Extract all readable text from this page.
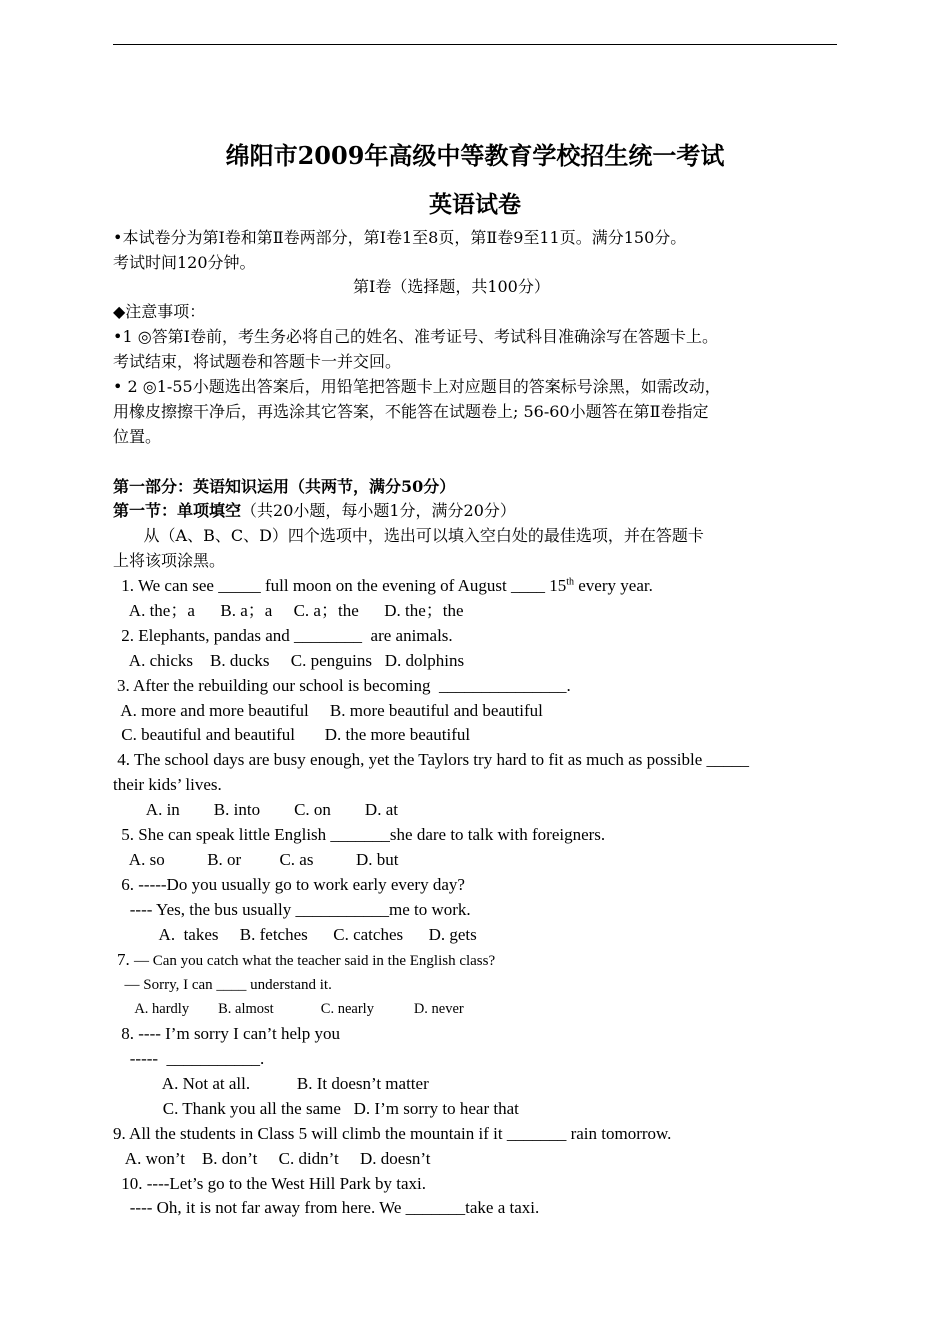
绵阳市2009年高级中等教育学校招生统一考试
英语试卷
•本试卷分为第Ⅰ卷和第Ⅱ卷两部分，第Ⅰ卷1至8页，第Ⅱ卷9至11页。满分150分。
考试时间120分钟。
第Ⅰ卷（选择题，共100分）
◆注意事项：
•1 ◎答第Ⅰ卷前，考生务必将自己的姓名、准考证号、考试科目准确涂写在答题卡上。
考试结束，将试题卷和答题卡一并交回。
• 2 ◎1-55小题选出答案后，用铅笔把答题卡上对应题目的答案标号涂黑，如需改动，
用橡皮擦擦干净后，再选涂其它答案，不能答在试题卷上; 56-60小题答在第Ⅱ卷指定
位置。
第一部分：英语知识运用（共两节，满分50分）
第一节：单项填空（共20小题，每小题1分，满分20分）
从（A、B、C、D）四个选项中，选出可以填入空白处的最佳选项，并在答题卡
上将该项涂黑。
1. We can see _____ full moon on the evening of August ____ 15th every year.
A. the；a      B. a；a     C. a；the      D. the；the
2. Elephants, pandas and ________  are animals.
A. chicks    B. ducks     C. penguins   D. dolphins
3. After the rebuilding our school is becoming  _______________.
A. more and more beautiful     B. more beautiful and beautiful
C. beautiful and beautiful       D. the more beautiful
4. The school days are busy enough, yet the Taylors try hard to fit as much as possible _____
their kids’ lives.
A. in        B. into        C. on        D. at
5. She can speak little English _______she dare to talk with foreigners.
A. so          B. or         C. as          D. but
6. -----Do you usually go to work early every day?
---- Yes, the bus usually ___________me to work.
A.  takes     B. fetches      C. catches      D. gets
7. — Can you catch what the teacher said in the English class?
— Sorry, I can ____ understand it.
A. hardly        B. almost             C. nearly           D. never
8. ---- I’m sorry I can’t help you
-----  ___________.
A. Not at all.           B. It doesn’t matter
C. Thank you all the same   D. I’m sorry to hear that
9. All the students in Class 5 will climb the mountain if it _______ rain tomorrow.
A. won’t    B. don’t     C. didn’t     D. doesn’t
10. ----Let’s go to the West Hill Park by taxi.
---- Oh, it is not far away from here. We _______take a taxi.
